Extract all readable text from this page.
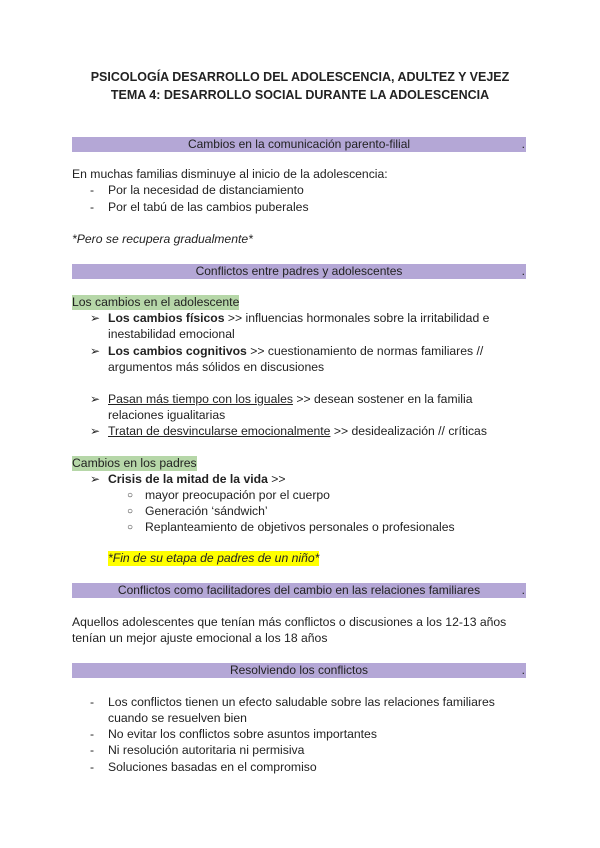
PSICOLOGÍA DESARROLLO DEL ADOLESCENCIA, ADULTEZ Y VEJEZ
TEMA 4: DESARROLLO SOCIAL DURANTE LA ADOLESCENCIA
Cambios en la comunicación parento-filial	.
En muchas familias disminuye al inicio de la adolescencia:
- Por la necesidad de distanciamiento
- Por el tabú de las cambios puberales
*Pero se recupera gradualmente*
Conflictos entre padres y adolescentes	.
Los cambios en el adolescente
➢ Los cambios físicos >> influencias hormonales sobre la irritabilidad e
inestabilidad emocional
➢ Los cambios cognitivos >> cuestionamiento de normas familiares //
argumentos más sólidos en discusiones
➢ Pasan más tiempo con los iguales >> desean sostener en la familia
relaciones igualitarias
➢ Tratan de desvincularse emocionalmente >> desidealización // críticas
Cambios en los padres
➢ Crisis de la mitad de la vida >>
○ mayor preocupación por el cuerpo
○ Generación ‘sándwich’
○ Replanteamiento de objetivos personales o profesionales
*Fin de su etapa de padres de un niño*
Conflictos como facilitadores del cambio en las relaciones familiares	.
Aquellos adolescentes que tenían más conflictos o discusiones a los 12-13 años
tenían un mejor ajuste emocional a los 18 años
Resolviendo los conflictos	.
- Los conflictos tienen un efecto saludable sobre las relaciones familiares
cuando se resuelven bien
- No evitar los conflictos sobre asuntos importantes
- Ni resolución autoritaria ni permisiva
- Soluciones basadas en el compromiso
